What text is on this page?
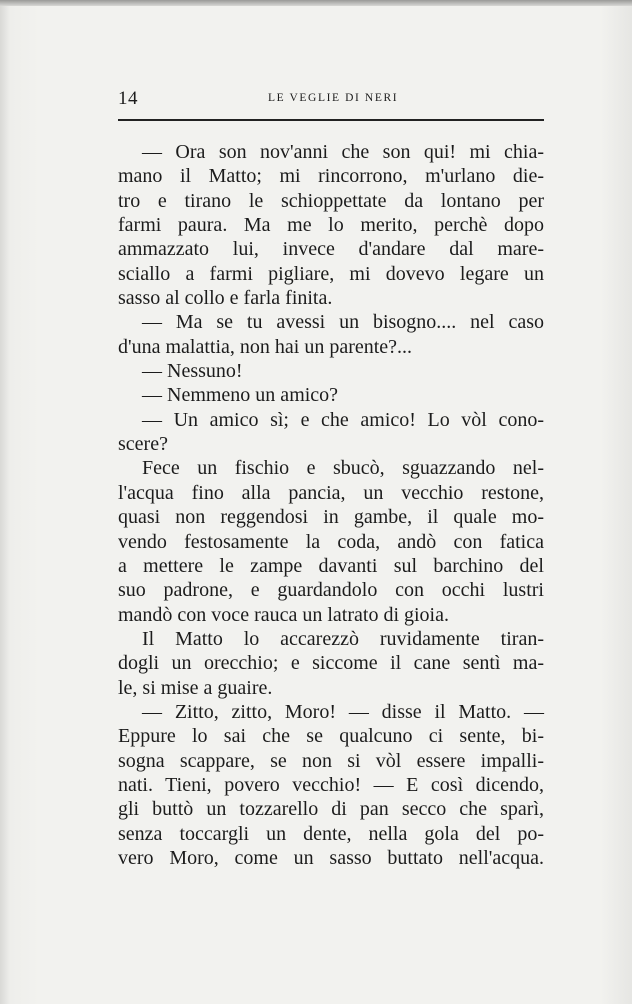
14	LE VEGLIE DI NERI
— Ora son nov'anni che son qui! mi chia-
mano il Matto; mi rincorrono, m'urlano die-
tro e tirano le schioppettate da lontano per
farmi paura. Ma me lo merito, perchè dopo
ammazzato lui, invece d'andare dal mare-
sciallo a farmi pigliare, mi dovevo legare un
sasso al collo e farla finita.
— Ma se tu avessi un bisogno.... nel caso
d'una malattia, non hai un parente?...
— Nessuno!
— Nemmeno un amico?
— Un amico sì; e che amico! Lo vòl cono-
scere?
Fece un fischio e sbucò, sguazzando nel-
l'acqua fino alla pancia, un vecchio restone,
quasi non reggendosi in gambe, il quale mo-
vendo festosamente la coda, andò con fatica
a mettere le zampe davanti sul barchino del
suo padrone, e guardandolo con occhi lustri
mandò con voce rauca un latrato di gioia.
Il Matto lo accarezzò ruvidamente tiran-
dogli un orecchio; e siccome il cane sentì ma-
le, si mise a guaire.
— Zitto, zitto, Moro! — disse il Matto. —
Eppure lo sai che se qualcuno ci sente, bi-
sogna scappare, se non si vòl essere impalli-
nati. Tieni, povero vecchio! — E così dicendo,
gli buttò un tozzarello di pan secco che sparì,
senza toccargli un dente, nella gola del po-
vero Moro, come un sasso buttato nell'acqua.
